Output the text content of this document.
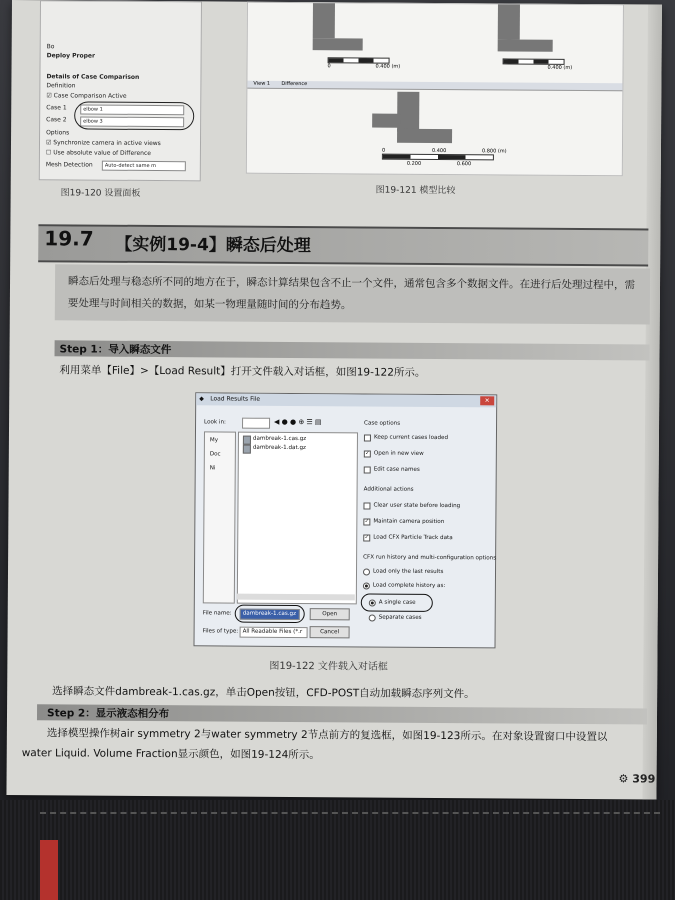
Bo
Deploy Proper
Details of Case Comparison
Definition
☑ Case Comparison Active
Case 1	elbow 1
Case 2	elbow 3
Options
☑ Synchronize camera in active views
☐ Use absolute value of Difference
Mesh Detection	Auto-detect same m
图19-120 设置面板
0	0.400 (m)	0.400 (m)
View 1 Difference
0	0.400	0.800 (m)
0.200	0.600
图19-121 模型比较
19.7 【实例19-4】瞬态后处理
瞬态后处理与稳态所不同的地方在于，瞬态计算结果包含不止一个文件，通常包含多个数据文件。在进行后处理过程中，需要处理与时间相关的数据，如某一物理量随时间的分布趋势。
Step 1：导入瞬态文件
利用菜单【File】>【Load Result】打开文件载入对话框，如图19-122所示。
◆ Load Results File	✕
Look in:	◀ ● ● ⊕ ☰ ▤
My
Doc
Ni
dambreak-1.cas.gz
dambreak-1.dat.gz
File name:	dambreak-1.cas.gz	Open
Files of type: All Readable Files (*.r	Cancel
Case options
Keep current cases loaded
✓ Open in new view
Edit case names
Additional actions
Clear user state before loading
✓ Maintain camera position
✓ Load CFX Particle Track data
CFX run history and multi-configuration options
Load only the last results
Load complete history as:
A single case
Separate cases
图19-122 文件载入对话框
选择瞬态文件dambreak-1.cas.gz，单击Open按钮，CFD-POST自动加载瞬态序列文件。
Step 2：显示液态相分布
选择模型操作树air symmetry 2与water symmetry 2节点前方的复选框，如图19-123所示。在对象设置窗口中设置以
water Liquid. Volume Fraction显示颜色，如图19-124所示。
⚙ 399
